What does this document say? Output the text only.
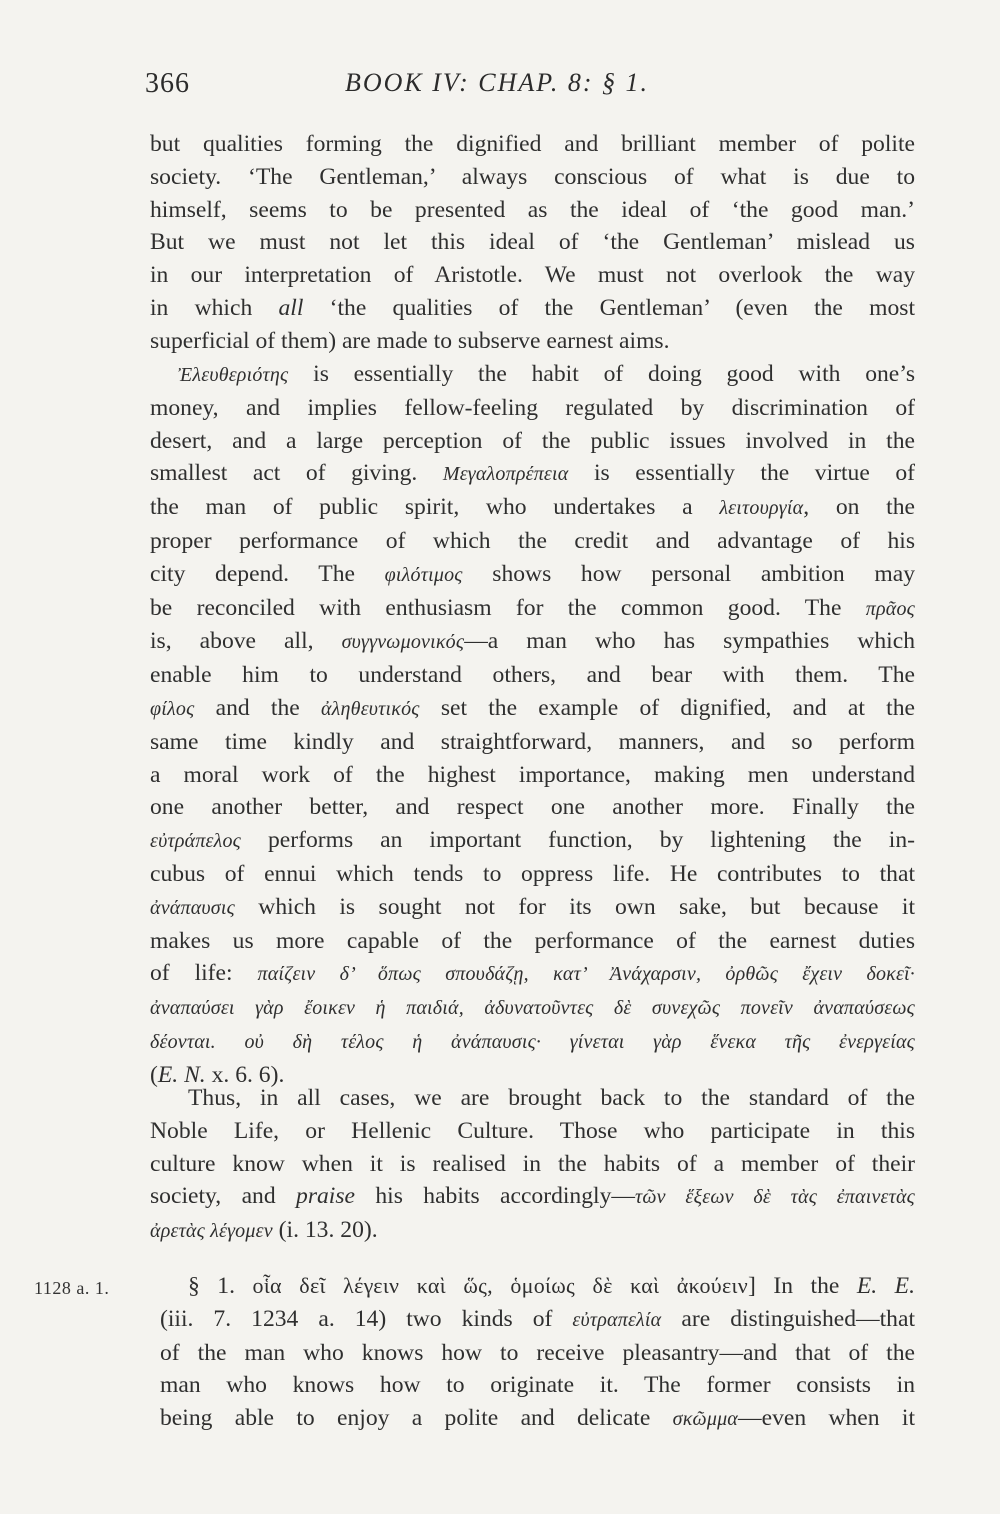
366	BOOK IV: CHAP. 8: § 1.
but qualities forming the dignified and brilliant member of polite
society. ‘The Gentleman,’ always conscious of what is due to
himself, seems to be presented as the ideal of ‘the good man.’
But we must not let this ideal of ‘the Gentleman’ mislead us
in our interpretation of Aristotle. We must not overlook the way
in which all ‘the qualities of the Gentleman’ (even the most
superficial of them) are made to subserve earnest aims.
Ἐλευθεριότης is essentially the habit of doing good with one’s
money, and implies fellow-feeling regulated by discrimination of
desert, and a large perception of the public issues involved in the
smallest act of giving. Μεγαλοπρέπεια is essentially the virtue of
the man of public spirit, who undertakes a λειτουργία, on the
proper performance of which the credit and advantage of his
city depend. The φιλότιμος shows how personal ambition may
be reconciled with enthusiasm for the common good. The πρᾶος
is, above all, συγγνωμονικός—a man who has sympathies which
enable him to understand others, and bear with them. The
φίλος and the ἀληθευτικός set the example of dignified, and at the
same time kindly and straightforward, manners, and so perform
a moral work of the highest importance, making men understand
one another better, and respect one another more. Finally the
εὐτράπελος performs an important function, by lightening the in-
cubus of ennui which tends to oppress life. He contributes to that
ἀνάπαυσις which is sought not for its own sake, but because it
makes us more capable of the performance of the earnest duties
of life: παίζειν δ’ ὅπως σπουδάζῃ, κατ’ Ἀνάχαρσιν, ὀρθῶς ἔχειν δοκεῖ·
ἀναπαύσει γὰρ ἔοικεν ἡ παιδιά, ἀδυνατοῦντες δὲ συνεχῶς πονεῖν ἀναπαύσεως
δέονται. οὐ δὴ τέλος ἡ ἀνάπαυσις· γίνεται γὰρ ἕνεκα τῆς ἐνεργείας
(E. N. x. 6. 6).
Thus, in all cases, we are brought back to the standard of the
Noble Life, or Hellenic Culture. Those who participate in this
culture know when it is realised in the habits of a member of their
society, and praise his habits accordingly—τῶν ἕξεων δὲ τὰς ἐπαινετὰς
ἀρετὰς λέγομεν (i. 13. 20).
1128 a. 1.	§ 1. οἷα δεῖ λέγειν καὶ ὥς, ὁμοίως δὲ καὶ ἀκούειν] In the E. E.
(iii. 7. 1234 a. 14) two kinds of εὐτραπελία are distinguished—that
of the man who knows how to receive pleasantry—and that of the
man who knows how to originate it. The former consists in
being able to enjoy a polite and delicate σκῶμμα—even when it
